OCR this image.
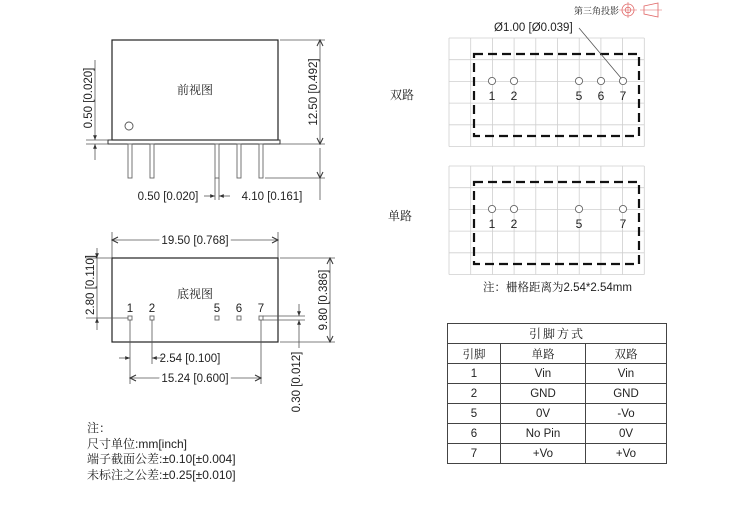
第三角投影
前视图
0.50 [0.020]	12.50 [0.492]
4.10 [0.161]
0.50 [0.020]
19.50 [0.768]
底视图
1 2	5 6 7
2.80 [0.110]	9.80 [0.386]
0.30 [0.012]
2.54 [0.100]
15.24 [0.600]
1 2	5 6 7
双路
Ø1.00 [Ø0.039]
1 2	5	7
单路
注：栅格距离为2.54*2.54mm
注：
尺寸单位:mm[inch]
端子截面公差:±0.10[±0.004]
未标注之公差:±0.25[±0.010]
引脚方式		
引脚	单路	双路
1	Vin	Vin
2	GND	GND
5	0V	-Vo
6	No Pin	0V
7	+Vo	+Vo
